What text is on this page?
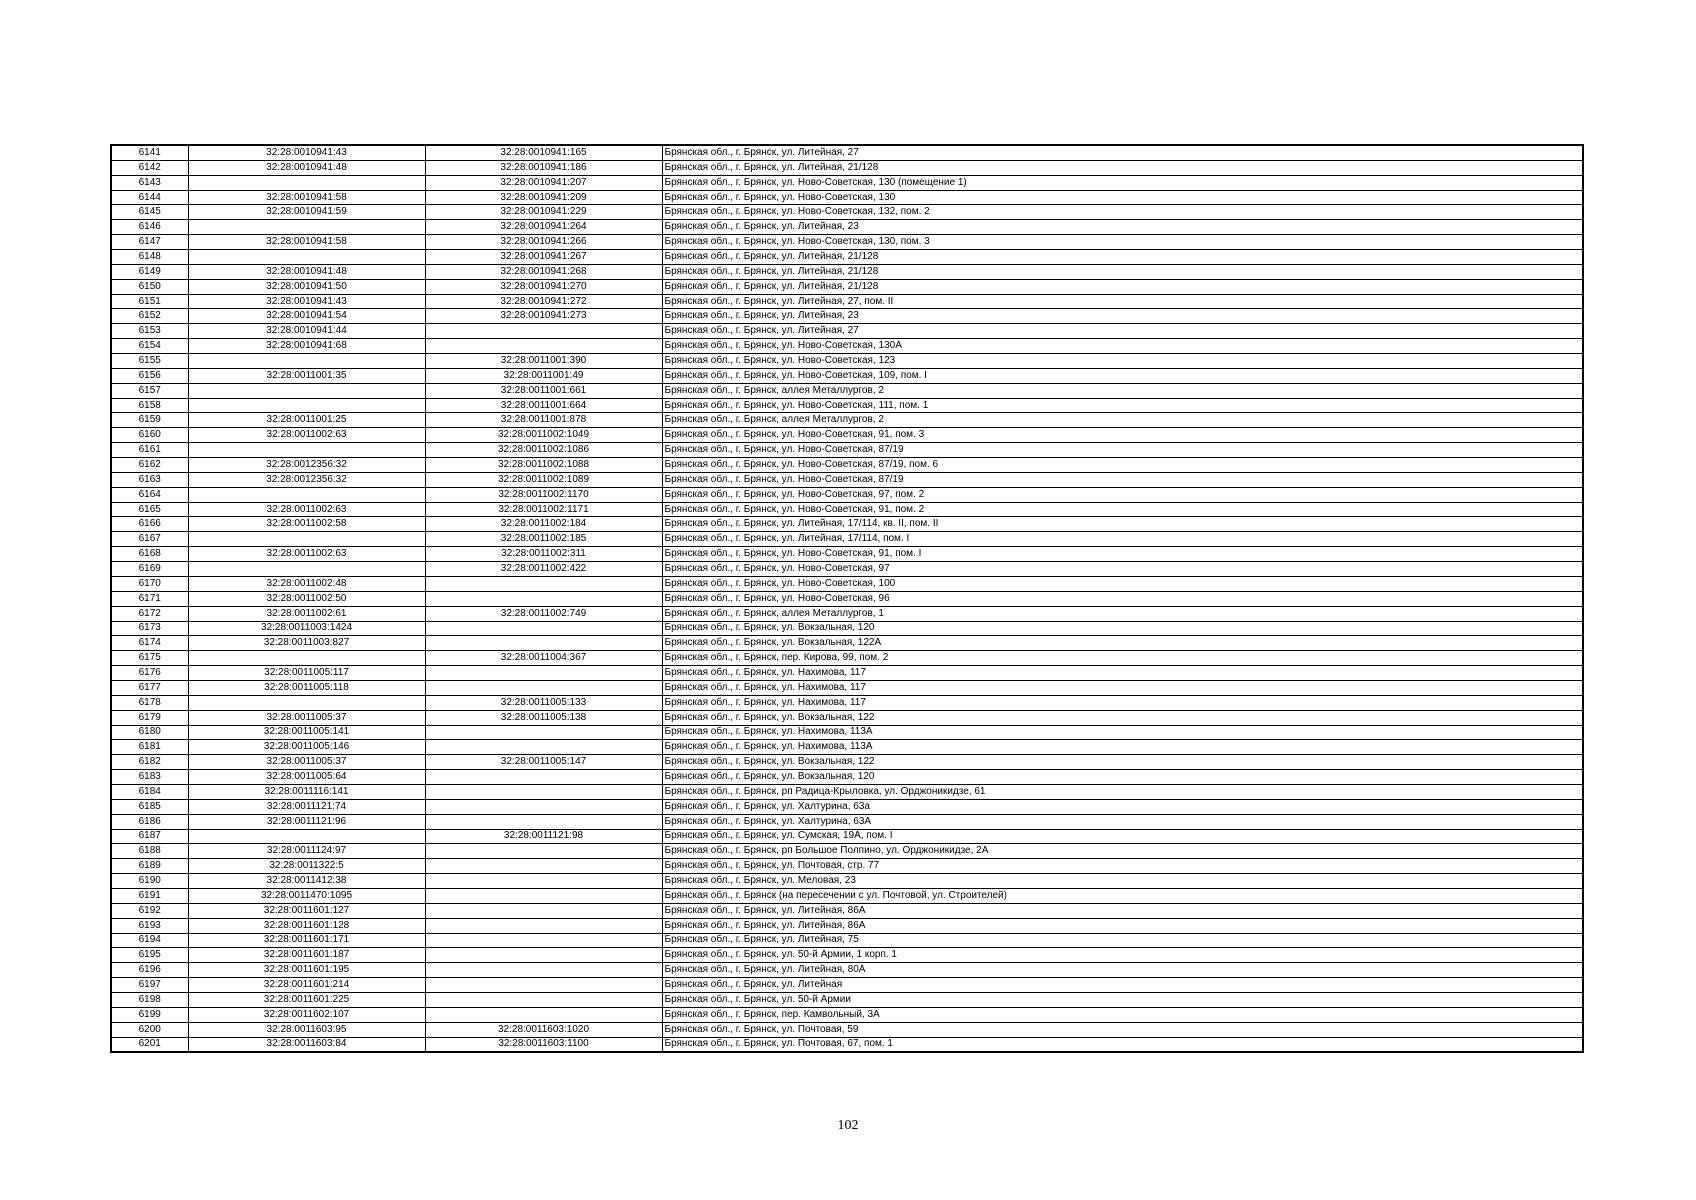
6141	32:28:0010941:43	32:28:0010941:165	Брянская обл., г. Брянск, ул. Литейная, 27
6142	32:28:0010941:48	32:28:0010941:186	Брянская обл., г. Брянск, ул. Литейная, 21/128
6143		32:28:0010941:207	Брянская обл., г. Брянск, ул. Ново-Советская, 130 (помещение 1)
6144	32:28:0010941:58	32:28:0010941:209	Брянская обл., г. Брянск, ул. Ново-Советская, 130
6145	32:28:0010941:59	32:28:0010941:229	Брянская обл., г. Брянск, ул. Ново-Советская, 132, пом. 2
6146		32:28:0010941:264	Брянская обл., г. Брянск, ул. Литейная, 23
6147	32:28:0010941:58	32:28:0010941:266	Брянская обл., г. Брянск, ул. Ново-Советская, 130, пом. 3
6148		32:28:0010941:267	Брянская обл., г. Брянск, ул. Литейная, 21/128
6149	32:28:0010941:48	32:28:0010941:268	Брянская обл., г. Брянск, ул. Литейная, 21/128
6150	32:28:0010941:50	32:28:0010941:270	Брянская обл., г. Брянск, ул. Литейная, 21/128
6151	32:28:0010941:43	32:28:0010941:272	Брянская обл., г. Брянск, ул. Литейная, 27, пом. II
6152	32:28:0010941:54	32:28:0010941:273	Брянская обл., г. Брянск, ул. Литейная, 23
6153	32:28:0010941:44		Брянская обл., г. Брянск, ул. Литейная, 27
6154	32:28:0010941:68		Брянская обл., г. Брянск, ул. Ново-Советская, 130А
6155		32:28:0011001:390	Брянская обл., г. Брянск, ул. Ново-Советская, 123
6156	32:28:0011001:35	32:28:0011001:49	Брянская обл., г. Брянск, ул. Ново-Советская, 109, пом. I
6157		32:28:0011001:661	Брянская обл., г. Брянск, аллея Металлургов, 2
6158		32:28:0011001:664	Брянская обл., г. Брянск, ул. Ново-Советская, 111, пом. 1
6159	32:28:0011001:25	32:28:0011001:878	Брянская обл., г. Брянск, аллея Металлургов, 2
6160	32:28:0011002:63	32:28:0011002:1049	Брянская обл., г. Брянск, ул. Ново-Советская, 91, пом. 3
6161		32:28:0011002:1086	Брянская обл., г. Брянск, ул. Ново-Советская, 87/19
6162	32:28:0012356:32	32:28:0011002:1088	Брянская обл., г. Брянск, ул. Ново-Советская, 87/19, пом. 6
6163	32:28:0012356:32	32:28:0011002:1089	Брянская обл., г. Брянск, ул. Ново-Советская, 87/19
6164		32:28:0011002:1170	Брянская обл., г. Брянск, ул. Ново-Советская, 97, пом. 2
6165	32:28:0011002:63	32:28:0011002:1171	Брянская обл., г. Брянск, ул. Ново-Советская, 91, пом. 2
6166	32:28:0011002:58	32:28:0011002:184	Брянская обл., г. Брянск, ул. Литейная, 17/114, кв. II, пом. II
6167		32:28:0011002:185	Брянская обл., г. Брянск, ул. Литейная, 17/114, пом. I
6168	32:28:0011002:63	32:28:0011002:311	Брянская обл., г. Брянск, ул. Ново-Советская, 91, пом. I
6169		32:28:0011002:422	Брянская обл., г. Брянск, ул. Ново-Советская, 97
6170	32:28:0011002:48		Брянская обл., г. Брянск, ул. Ново-Советская, 100
6171	32:28:0011002:50		Брянская обл., г. Брянск, ул. Ново-Советская, 96
6172	32:28:0011002:61	32:28:0011002:749	Брянская обл., г. Брянск, аллея Металлургов, 1
6173	32:28:0011003:1424		Брянская обл., г. Брянск, ул. Вокзальная, 120
6174	32:28:0011003:827		Брянская обл., г. Брянск, ул. Вокзальная, 122А
6175		32:28:0011004:367	Брянская обл., г. Брянск, пер. Кирова, 99, пом. 2
6176	32:28:0011005:117		Брянская обл., г. Брянск, ул. Нахимова, 117
6177	32:28:0011005:118		Брянская обл., г. Брянск, ул. Нахимова, 117
6178		32:28:0011005:133	Брянская обл., г. Брянск, ул. Нахимова, 117
6179	32:28:0011005:37	32:28:0011005:138	Брянская обл., г. Брянск, ул. Вокзальная, 122
6180	32:28:0011005:141		Брянская обл., г. Брянск, ул. Нахимова, 113А
6181	32:28:0011005:146		Брянская обл., г. Брянск, ул. Нахимова, 113А
6182	32:28:0011005:37	32:28:0011005:147	Брянская обл., г. Брянск, ул. Вокзальная, 122
6183	32:28:0011005:64		Брянская обл., г. Брянск, ул. Вокзальная, 120
6184	32:28:0011116:141		Брянская обл., г. Брянск, рп Радица-Крыловка, ул. Орджоникидзе, 61
6185	32:28:0011121:74		Брянская обл., г. Брянск, ул. Халтурина, 63а
6186	32:28:0011121:96		Брянская обл., г. Брянск, ул. Халтурина, 63А
6187		32:28:0011121:98	Брянская обл., г. Брянск, ул. Сумская, 19А, пом. I
6188	32:28:0011124:97		Брянская обл., г. Брянск, рп Большое Полпино, ул. Орджоникидзе, 2А
6189	32:28:0011322:5		Брянская обл., г. Брянск, ул. Почтовая, стр. 77
6190	32:28:0011412:38		Брянская обл., г. Брянск, ул. Меловая, 23
6191	32:28:0011470:1095		Брянская обл., г. Брянск (на пересечении с ул. Почтовой, ул. Строителей)
6192	32:28:0011601:127		Брянская обл., г. Брянск, ул. Литейная, 86А
6193	32:28:0011601:128		Брянская обл., г. Брянск, ул. Литейная, 86А
6194	32:28:0011601:171		Брянская обл., г. Брянск, ул. Литейная, 75
6195	32:28:0011601:187		Брянская обл., г. Брянск, ул. 50-й Армии, 1 корп. 1
6196	32:28:0011601:195		Брянская обл., г. Брянск, ул. Литейная, 80А
6197	32:28:0011601:214		Брянская обл., г. Брянск, ул. Литейная
6198	32:28:0011601:225		Брянская обл., г. Брянск, ул. 50-й Армии
6199	32:28:0011602:107		Брянская обл., г. Брянск, пер. Камвольный, 3А
6200	32:28:0011603:95	32:28:0011603:1020	Брянская обл., г. Брянск, ул. Почтовая, 59
6201	32:28:0011603:84	32:28:0011603:1100	Брянская обл., г. Брянск, ул. Почтовая, 67, пом. 1
102
